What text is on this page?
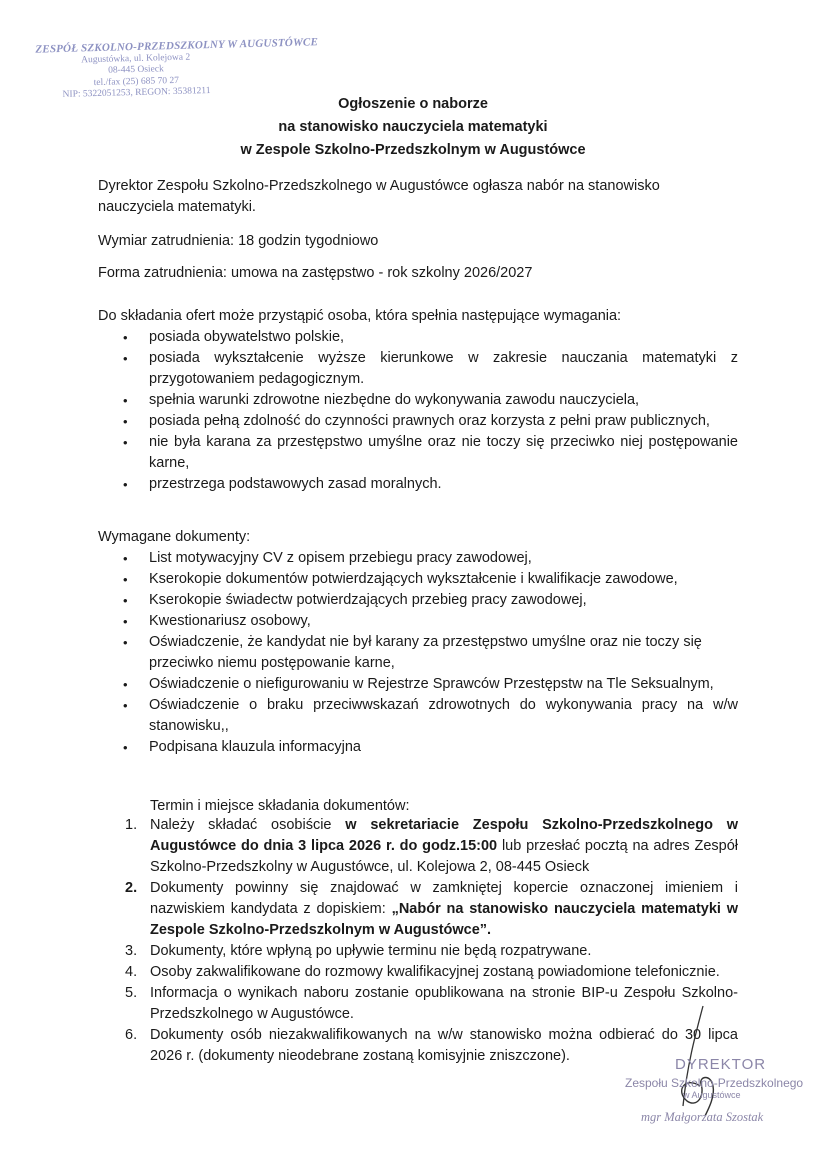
ZESPÓŁ SZKOLNO-PRZEDSZKOLNY W AUGUSTÓWCE
Augustówka, ul. Kolejowa 2
08-445 Osieck
tel./fax (25) 685 70 27
NIP: 5322051253, REGON: 35381211
Ogłoszenie o naborze
na stanowisko nauczyciela matematyki
w Zespole Szkolno-Przedszkolnym w Augustówce
Dyrektor Zespołu Szkolno-Przedszkolnego w Augustówce ogłasza nabór na stanowisko
nauczyciela matematyki.
Wymiar zatrudnienia: 18 godzin tygodniowo
Forma zatrudnienia: umowa na zastępstwo - rok szkolny 2026/2027
Do składania ofert może przystąpić osoba, która spełnia następujące wymagania:
• posiada obywatelstwo polskie,
• posiada wykształcenie wyższe kierunkowe w zakresie nauczania matematyki z przygotowaniem pedagogicznym.
• spełnia warunki zdrowotne niezbędne do wykonywania zawodu nauczyciela,
• posiada pełną zdolność do czynności prawnych oraz korzysta z pełni praw publicznych,
• nie była karana za przestępstwo umyślne oraz nie toczy się przeciwko niej postępowanie karne,
• przestrzega podstawowych zasad moralnych.
Wymagane dokumenty:
• List motywacyjny CV z opisem przebiegu pracy zawodowej,
• Kserokopie dokumentów potwierdzających wykształcenie i kwalifikacje zawodowe,
• Kserokopie świadectw potwierdzających przebieg pracy zawodowej,
• Kwestionariusz osobowy,
• Oświadczenie, że kandydat nie był karany za przestępstwo umyślne oraz nie toczy się przeciwko niemu postępowanie karne,
• Oświadczenie o niefigurowaniu w Rejestrze Sprawców Przestępstw na Tle Seksualnym,
• Oświadczenie o braku przeciwwskazań zdrowotnych do wykonywania pracy na w/w stanowisku,,
• Podpisana klauzula informacyjna
Termin i miejsce składania dokumentów:
1. Należy składać osobiście w sekretariacie Zespołu Szkolno-Przedszkolnego w Augustówce do dnia 3 lipca 2026 r. do godz.15:00 lub przesłać pocztą na adres Zespół Szkolno-Przedszkolny w Augustówce, ul. Kolejowa 2, 08-445 Osieck
2. Dokumenty powinny się znajdować w zamkniętej kopercie oznaczonej imieniem i nazwiskiem kandydata z dopiskiem: „Nabór na stanowisko nauczyciela matematyki w Zespole Szkolno-Przedszkolnym w Augustówce”.
3. Dokumenty, które wpłyną po upływie terminu nie będą rozpatrywane.
4. Osoby zakwalifikowane do rozmowy kwalifikacyjnej zostaną powiadomione telefonicznie.
5. Informacja o wynikach naboru zostanie opublikowana na stronie BIP-u Zespołu Szkolno-Przedszkolnego w Augustówce.
6. Dokumenty osób niezakwalifikowanych na w/w stanowisko można odbierać do 30 lipca 2026 r. (dokumenty nieodebrane zostaną komisyjnie zniszczone).	DYREKTOR
Zespołu Szkolno-Przedszkolnego
w Augustówce
mgr Małgorzata Szostak
